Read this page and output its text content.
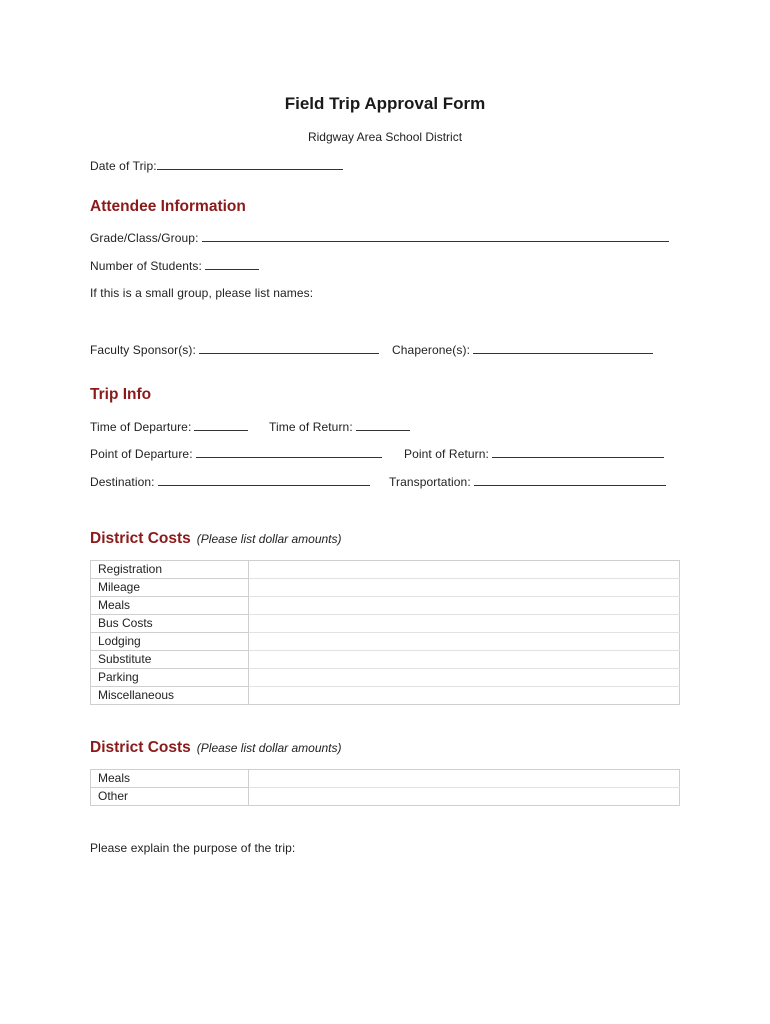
Field Trip Approval Form
Ridgway Area School District
Date of Trip:
Attendee Information
Grade/Class/Group:
Number of Students:
If this is a small group, please list names:
Faculty Sponsor(s):	Chaperone(s):
Trip Info
Time of Departure:	Time of Return:
Point of Departure:	Point of Return:
Destination:	Transportation:
District Costs (Please list dollar amounts)
Registration	
Mileage	
Meals	
Bus Costs	
Lodging	
Substitute	
Parking	
Miscellaneous	
District Costs (Please list dollar amounts)
Meals	
Other	
Please explain the purpose of the trip:
